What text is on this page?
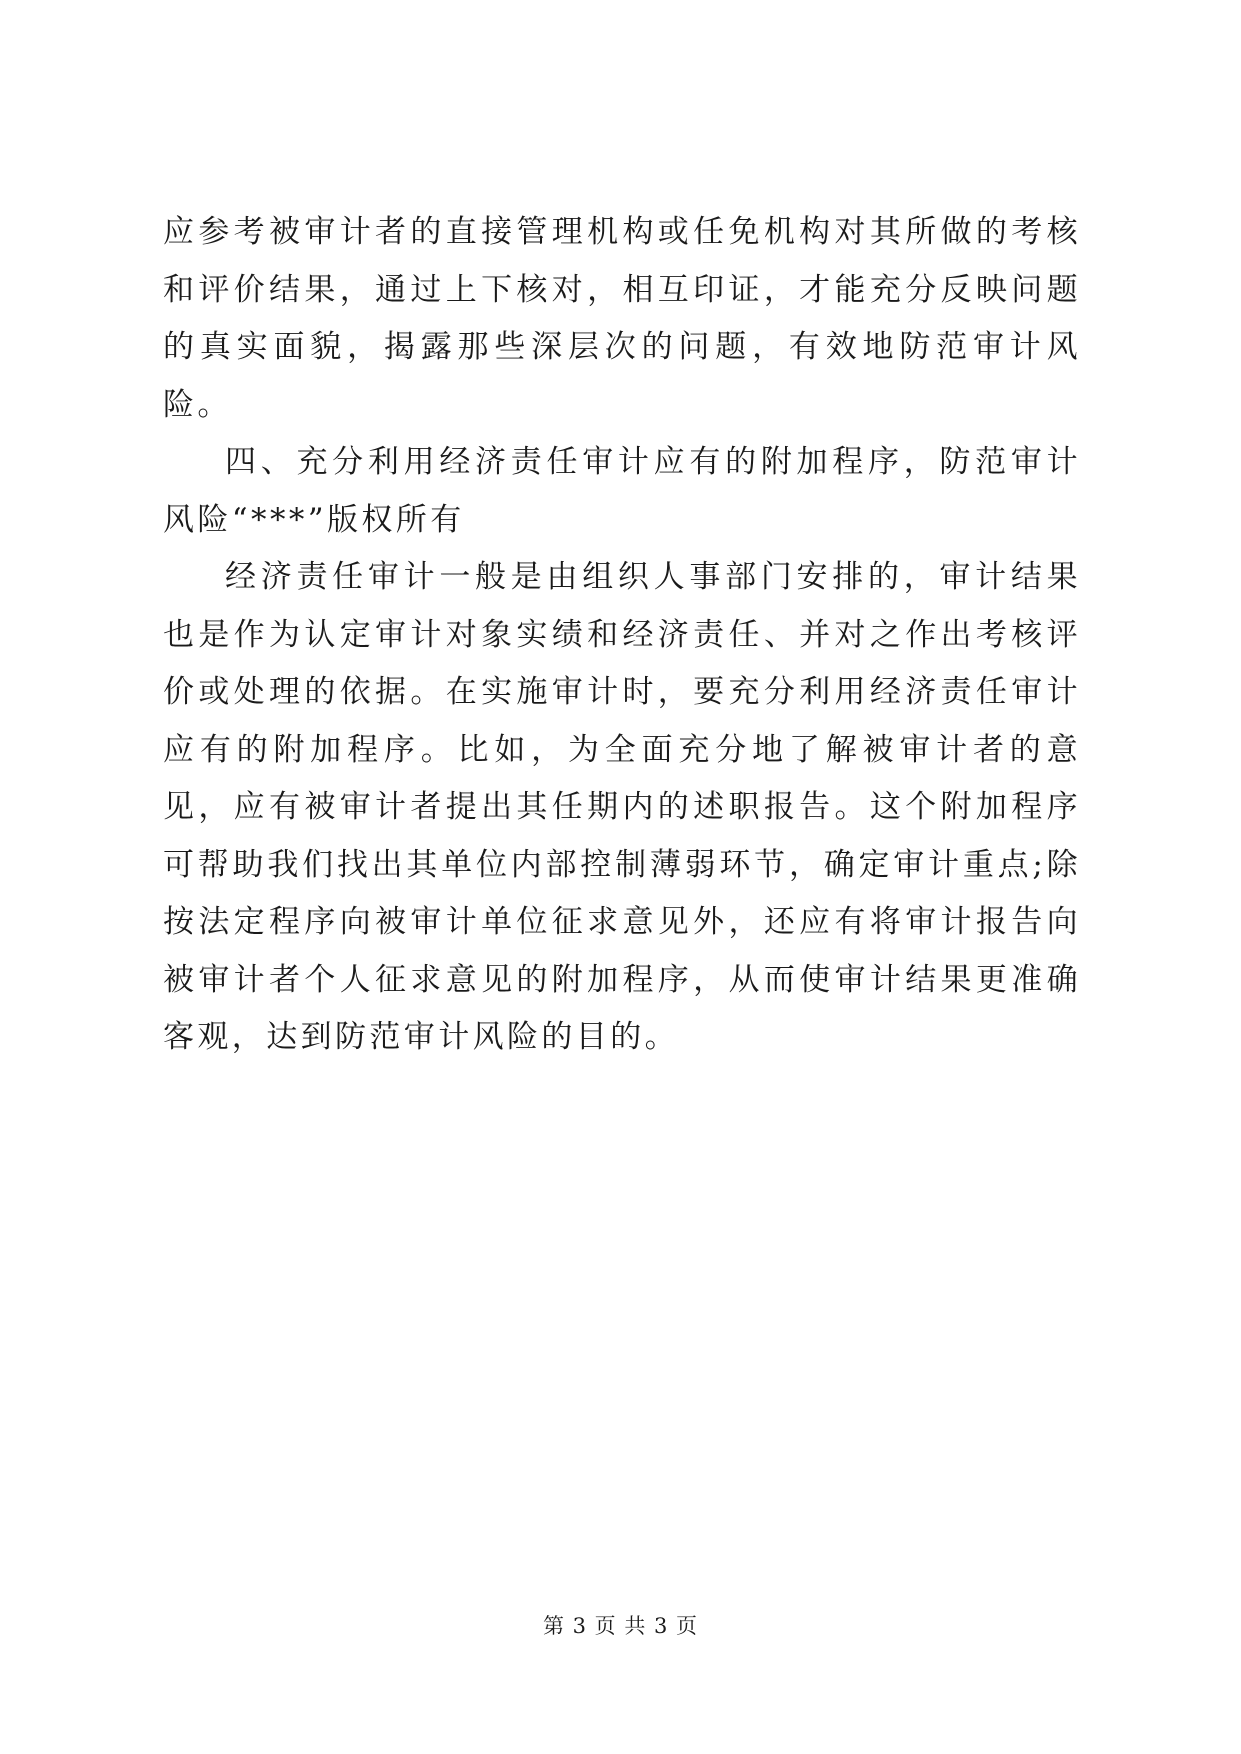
应参考被审计者的直接管理机构或任免机构对其所做的考核和评价结果，通过上下核对，相互印证，才能充分反映问题的真实面貌，揭露那些深层次的问题，有效地防范审计风险。

四、充分利用经济责任审计应有的附加程序，防范审计风险“***”版权所有

经济责任审计一般是由组织人事部门安排的，审计结果也是作为认定审计对象实绩和经济责任、并对之作出考核评价或处理的依据。在实施审计时，要充分利用经济责任审计应有的附加程序。比如，为全面充分地了解被审计者的意见，应有被审计者提出其任期内的述职报告。这个附加程序可帮助我们找出其单位内部控制薄弱环节，确定审计重点;除按法定程序向被审计单位征求意见外，还应有将审计报告向被审计者个人征求意见的附加程序，从而使审计结果更准确客观，达到防范审计风险的目的。

第 3 页 共 3 页
